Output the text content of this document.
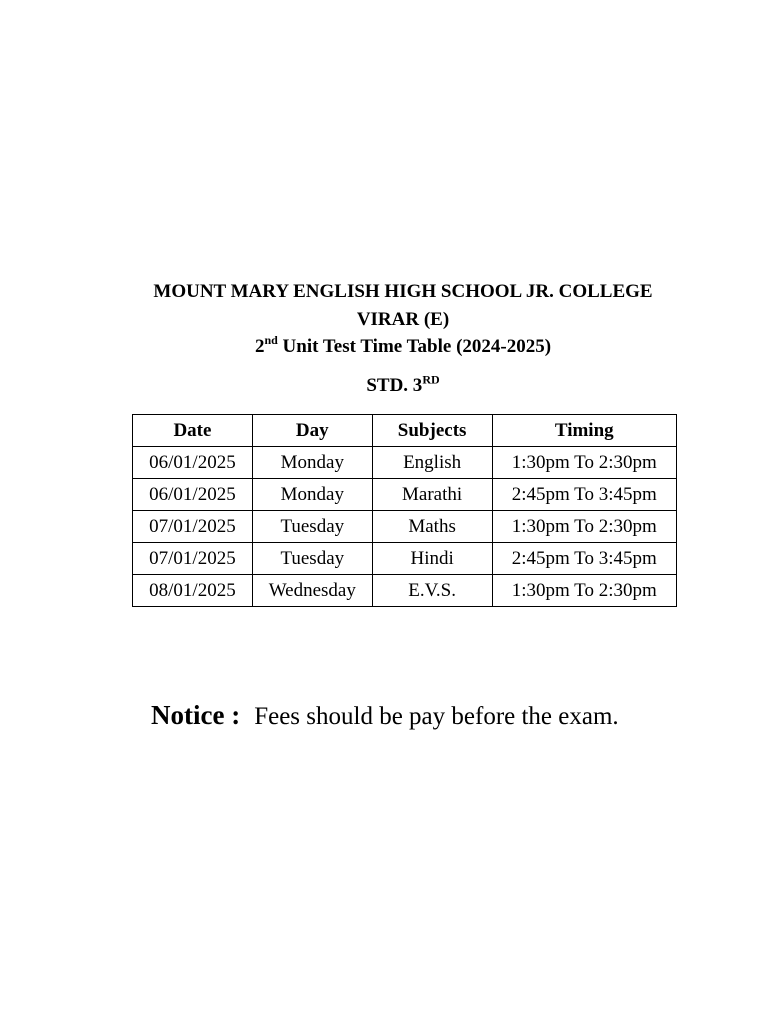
MOUNT MARY ENGLISH HIGH SCHOOL JR. COLLEGE
VIRAR (E)
2nd Unit Test Time Table (2024-2025)
STD. 3RD
Date	Day	Subjects	Timing
06/01/2025	Monday	English	1:30pm To 2:30pm
06/01/2025	Monday	Marathi	2:45pm To 3:45pm
07/01/2025	Tuesday	Maths	1:30pm To 2:30pm
07/01/2025	Tuesday	Hindi	2:45pm To 3:45pm
08/01/2025	Wednesday	E.V.S.	1:30pm To 2:30pm
Notice : Fees should be pay before the exam.
